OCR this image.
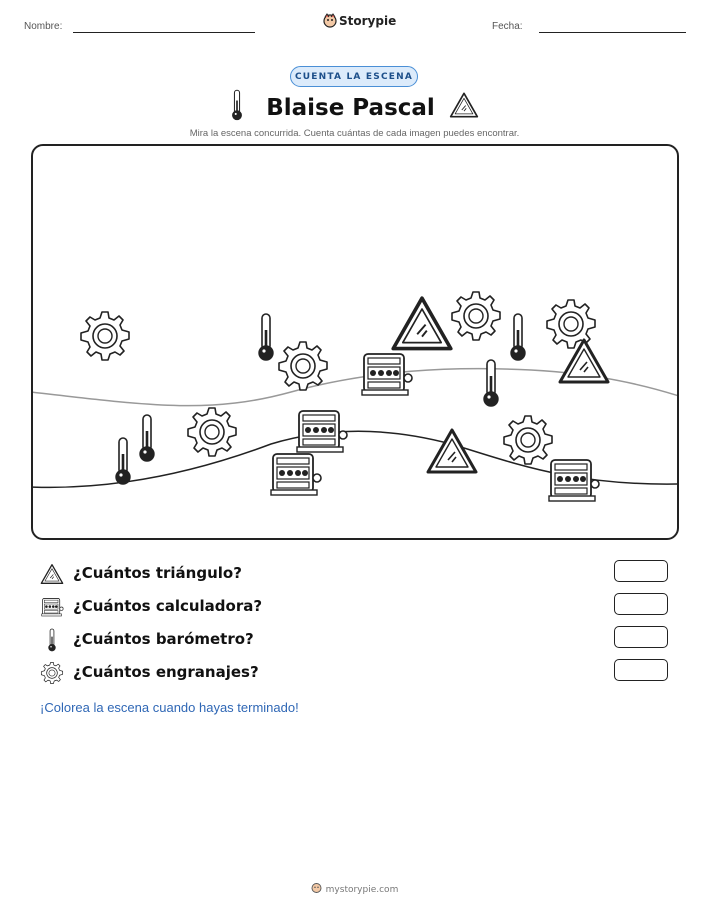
Nombre:	Storypie	Fecha:
CUENTA LA ESCENA
Blaise Pascal
Mira la escena concurrida. Cuenta cuántas de cada imagen puedes encontrar.
¿Cuántos triángulo?
¿Cuántos calculadora?
¿Cuántos barómetro?
¿Cuántos engranajes?
¡Colorea la escena cuando hayas terminado!
mystorypie.com
